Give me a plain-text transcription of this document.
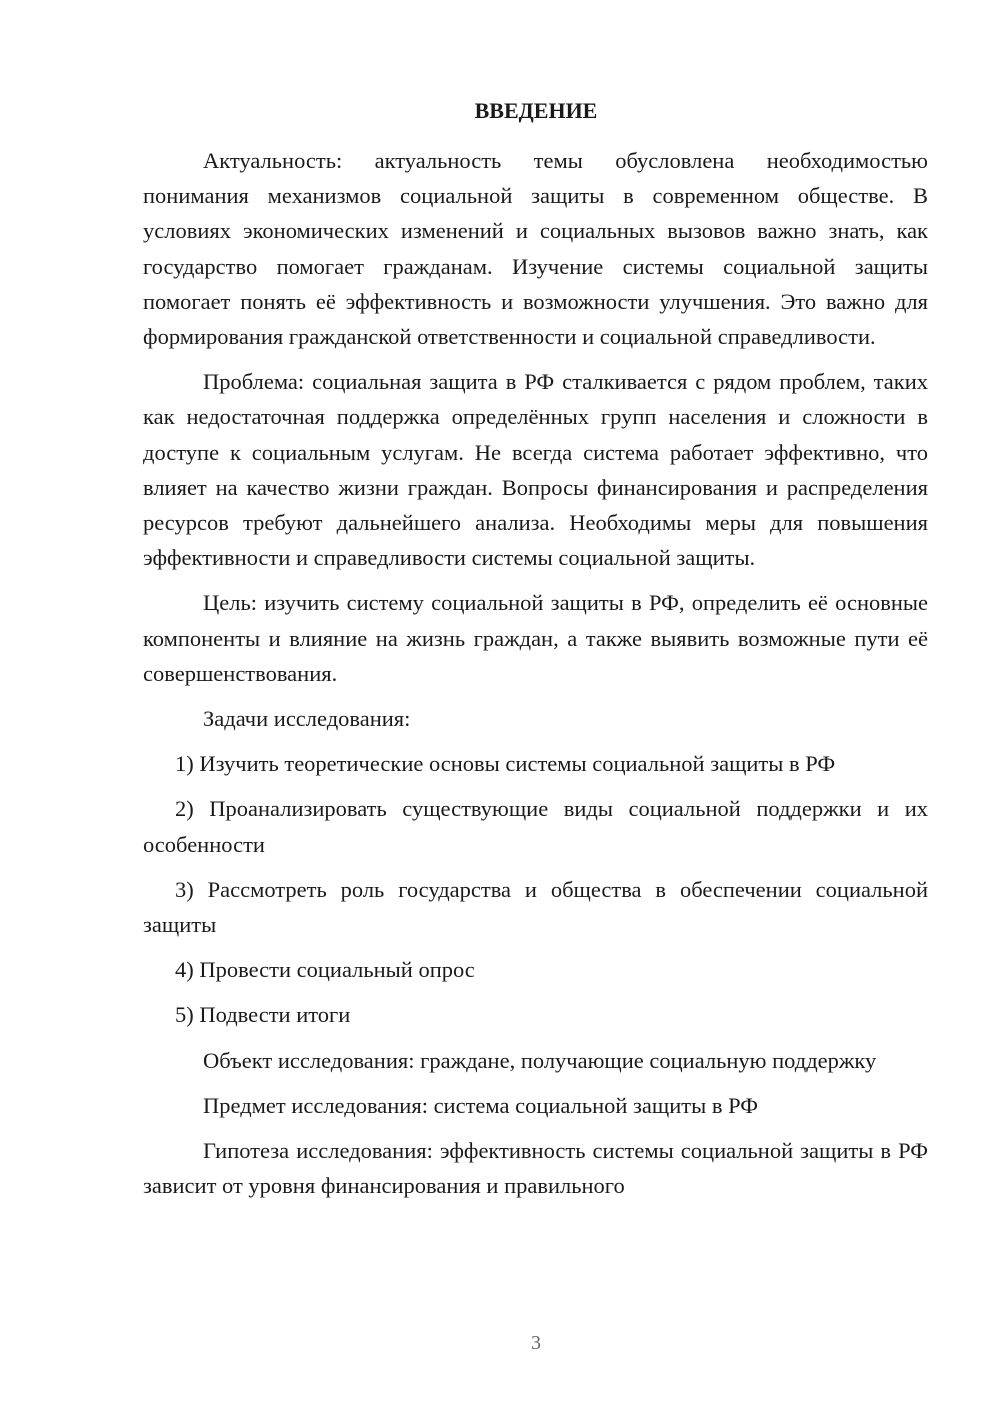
ВВЕДЕНИЕ

Актуальность: актуальность темы обусловлена необходимостью понимания механизмов социальной защиты в современном обществе. В условиях экономических изменений и социальных вызовов важно знать, как государство помогает гражданам. Изучение системы социальной защиты помогает понять её эффективность и возможности улучшения. Это важно для формирования гражданской ответственности и социальной справедливости.

Проблема: социальная защита в РФ сталкивается с рядом проблем, таких как недостаточная поддержка определённых групп населения и сложности в доступе к социальным услугам. Не всегда система работает эффективно, что влияет на качество жизни граждан. Вопросы финансирования и распределения ресурсов требуют дальнейшего анализа. Необходимы меры для повышения эффективности и справедливости системы социальной защиты.

Цель: изучить систему социальной защиты в РФ, определить её основные компоненты и влияние на жизнь граждан, а также выявить возможные пути её совершенствования.

Задачи исследования:

1) Изучить теоретические основы системы социальной защиты в РФ

2) Проанализировать существующие виды социальной поддержки и их особенности

3) Рассмотреть роль государства и общества в обеспечении социальной защиты

4) Провести социальный опрос

5) Подвести итоги

Объект исследования: граждане, получающие социальную поддержку

Предмет исследования: система социальной защиты в РФ

Гипотеза исследования: эффективность системы социальной защиты в РФ зависит от уровня финансирования и правильного

3
